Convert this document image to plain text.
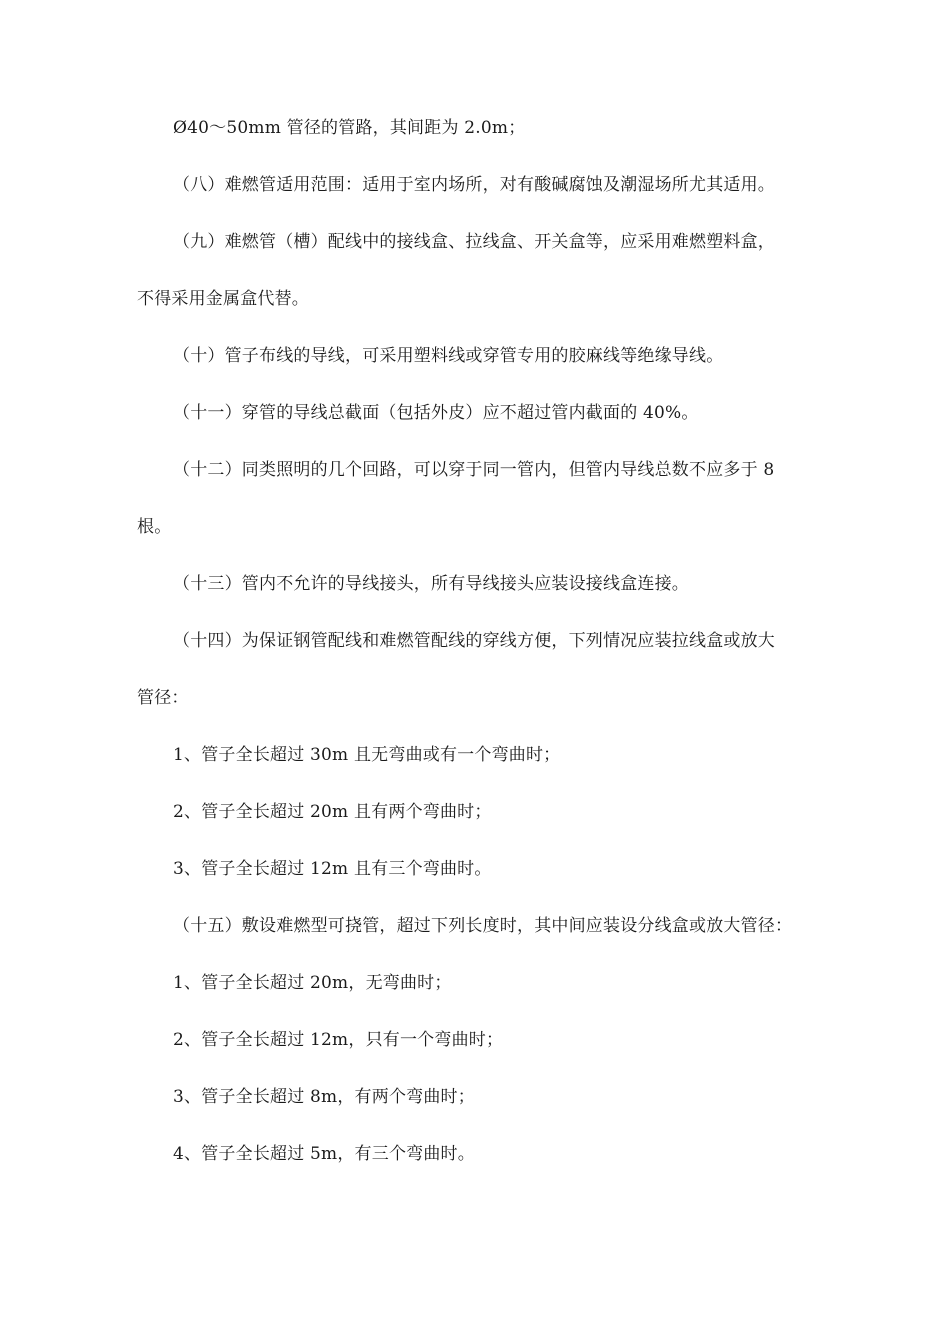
Ø40～50mm 管径的管路，其间距为 2.0m；
（八）难燃管适用范围：适用于室内场所，对有酸碱腐蚀及潮湿场所尤其适用。
（九）难燃管（槽）配线中的接线盒、拉线盒、开关盒等，应采用难燃塑料盒，
不得采用金属盒代替。
（十）管子布线的导线，可采用塑料线或穿管专用的胶麻线等绝缘导线。
（十一）穿管的导线总截面（包括外皮）应不超过管内截面的 40%。
（十二）同类照明的几个回路，可以穿于同一管内，但管内导线总数不应多于 8
根。
（十三）管内不允许的导线接头，所有导线接头应装设接线盒连接。
（十四）为保证钢管配线和难燃管配线的穿线方便，下列情况应装拉线盒或放大
管径：
1、管子全长超过 30m 且无弯曲或有一个弯曲时；
2、管子全长超过 20m 且有两个弯曲时；
3、管子全长超过 12m 且有三个弯曲时。
（十五）敷设难燃型可挠管，超过下列长度时，其中间应装设分线盒或放大管径：
1、管子全长超过 20m，无弯曲时；
2、管子全长超过 12m，只有一个弯曲时；
3、管子全长超过 8m，有两个弯曲时；
4、管子全长超过 5m，有三个弯曲时。
